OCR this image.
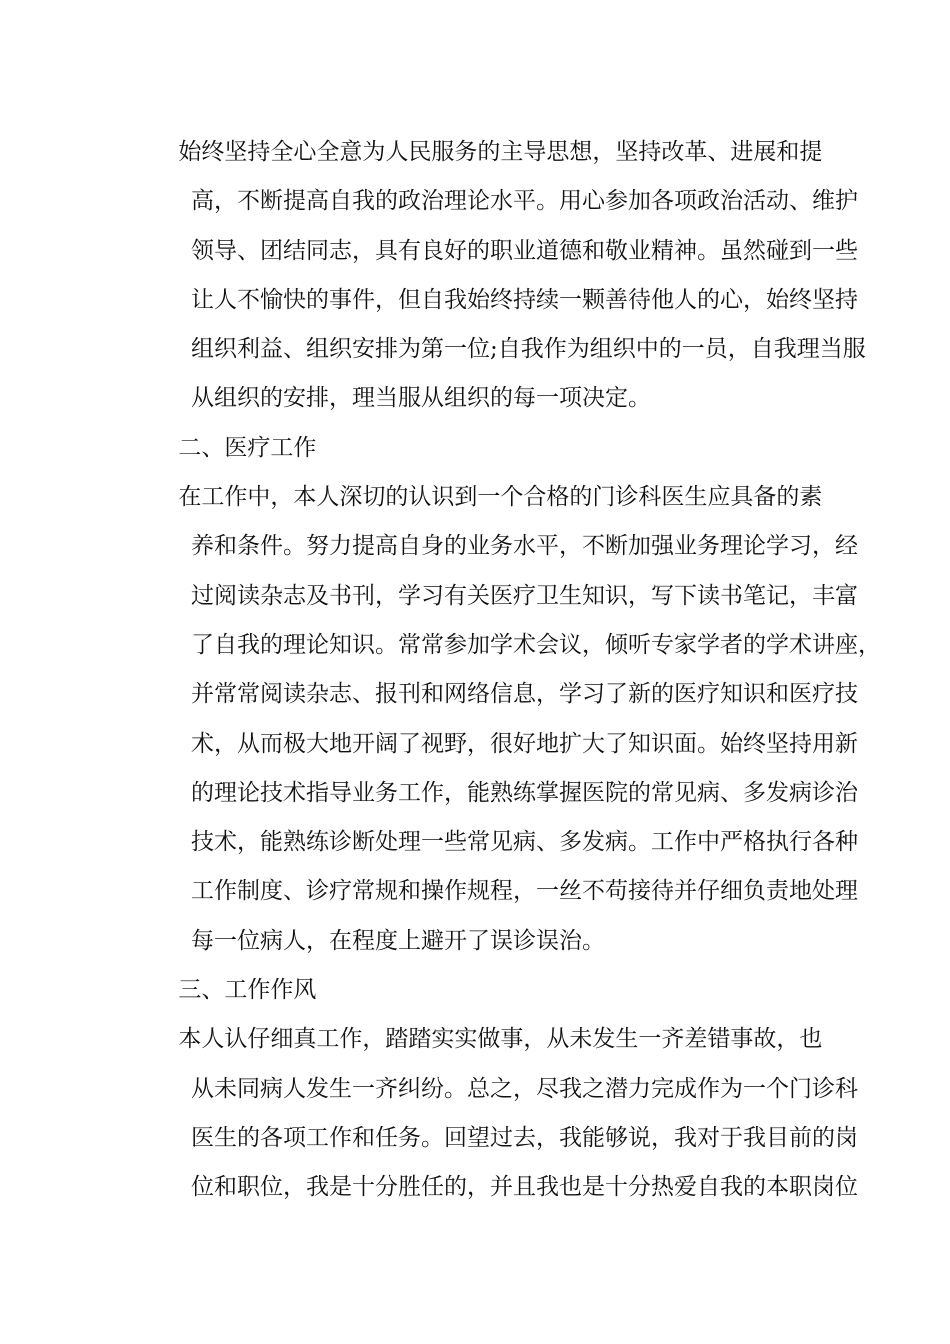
始终坚持全心全意为人民服务的主导思想，坚持改革、进展和提
高，不断提高自我的政治理论水平。用心参加各项政治活动、维护
领导、团结同志，具有良好的职业道德和敬业精神。虽然碰到一些
让人不愉快的事件，但自我始终持续一颗善待他人的心，始终坚持
组织利益、组织安排为第一位;自我作为组织中的一员，自我理当服
从组织的安排，理当服从组织的每一项决定。
二、医疗工作
在工作中，本人深切的认识到一个合格的门诊科医生应具备的素
养和条件。努力提高自身的业务水平，不断加强业务理论学习，经
过阅读杂志及书刊，学习有关医疗卫生知识，写下读书笔记，丰富
了自我的理论知识。常常参加学术会议，倾听专家学者的学术讲座，
并常常阅读杂志、报刊和网络信息，学习了新的医疗知识和医疗技
术，从而极大地开阔了视野，很好地扩大了知识面。始终坚持用新
的理论技术指导业务工作，能熟练掌握医院的常见病、多发病诊治
技术，能熟练诊断处理一些常见病、多发病。工作中严格执行各种
工作制度、诊疗常规和操作规程，一丝不苟接待并仔细负责地处理
每一位病人，在程度上避开了误诊误治。
三、工作作风
本人认仔细真工作，踏踏实实做事，从未发生一齐差错事故，也
从未同病人发生一齐纠纷。总之，尽我之潜力完成作为一个门诊科
医生的各项工作和任务。回望过去，我能够说，我对于我目前的岗
位和职位，我是十分胜任的，并且我也是十分热爱自我的本职岗位
